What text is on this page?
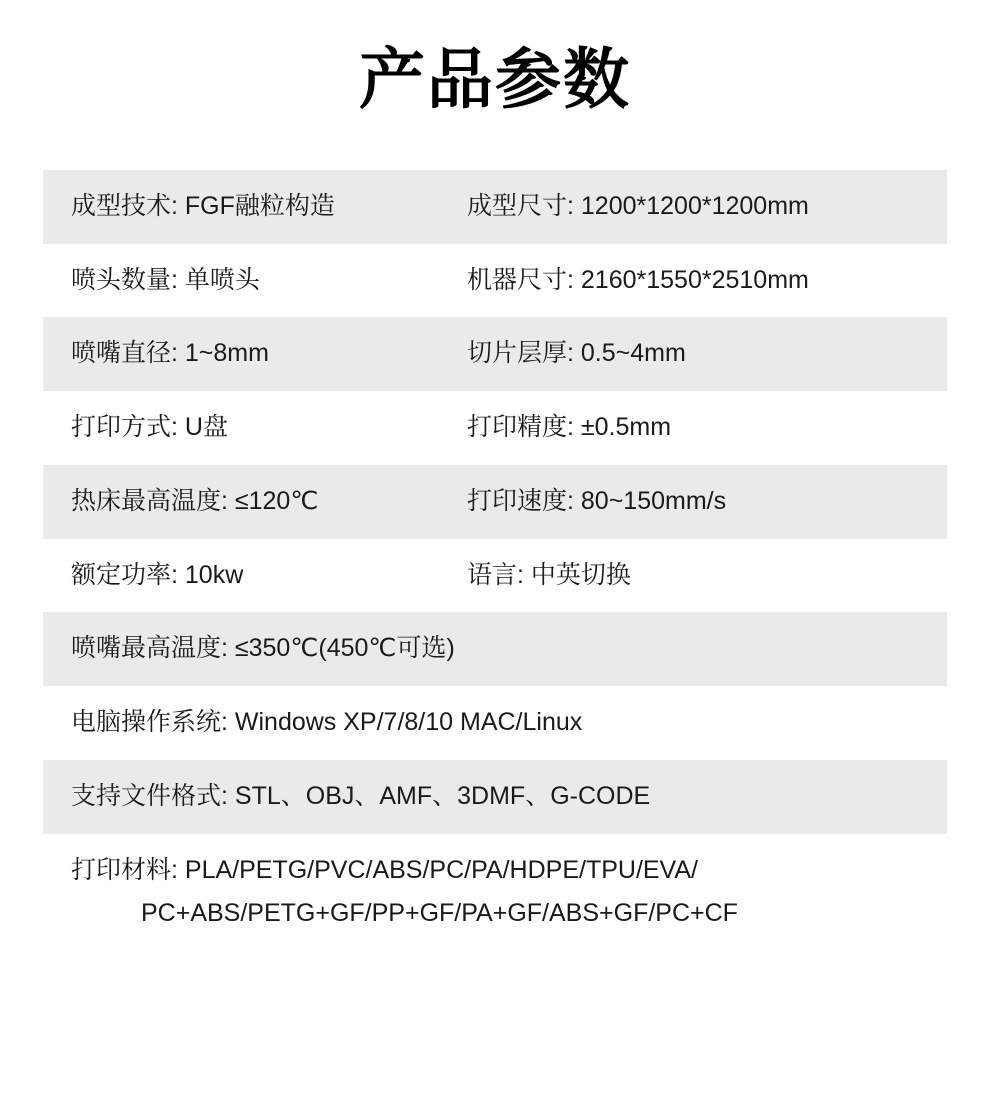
产品参数
成型技术: FGF融粒构造	成型尺寸: 1200*1200*1200mm
喷头数量: 单喷头	机器尺寸: 2160*1550*2510mm
喷嘴直径: 1~8mm	切片层厚: 0.5~4mm
打印方式: U盘	打印精度: ±0.5mm
热床最高温度: ≤120℃	打印速度: 80~150mm/s
额定功率: 10kw	语言: 中英切换
喷嘴最高温度: ≤350℃(450℃可选)
电脑操作系统: Windows XP/7/8/10 MAC/Linux
支持文件格式: STL、OBJ、AMF、3DMF、G-CODE
打印材料: PLA/PETG/PVC/ABS/PC/PA/HDPE/TPU/EVA/
PC+ABS/PETG+GF/PP+GF/PA+GF/ABS+GF/PC+CF
